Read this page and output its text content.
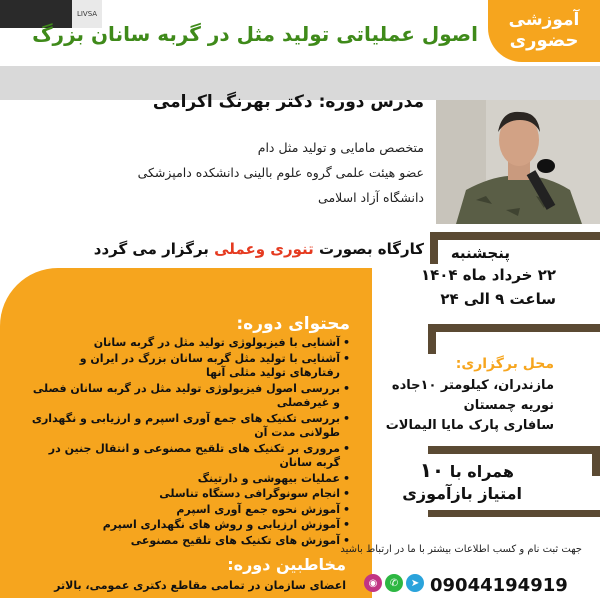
LIVSA	آموزشی
حضوری
اصول عملیاتی تولید مثل در گربه سانان بزرگ
مدرس دوره: دکتر بهرنگ اکرامی
متخصص مامایی و تولید مثل دام
عضو هیئت علمی گروه علوم بالینی دانشکده دامپزشکی
دانشگاه آزاد اسلامی
کارگاه بصورت تنوری وعملی برگزار می گردد
محتوای دوره:
• آشنایی با فیزیولوژی تولید مثل در گربه سانان
• آشنایی با تولید مثل گربه سانان بزرگ در ایران و رفتارهای تولید مثلی آنها
• بررسی اصول فیزیولوژی تولید مثل در گربه سانان فصلی و غیرفصلی
• بررسی تکنیک های جمع آوری اسپرم و ارزیابی و نگهداری طولانی مدت آن
• مروری بر تکنیک های تلقیح مصنوعی و انتقال جنین در گربه سانان
• عملیات بیهوشی و دارتینگ
• انجام سونوگرافی دستگاه تناسلی
• آموزش نحوه جمع آوری اسپرم
• آموزش ارزیابی و روش های نگهداری اسپرم
• آموزش های تکنیک های تلقیح مصنوعی
مخاطبین دوره:
اعضای سازمان در تمامی مقاطع دکتری عمومی، بالاتر
پنجشنبه
۲۲ خرداد ماه ۱۴۰۴
ساعت ۹ الی ۲۴
محل برگزاری:
مازندران، کیلومتر ۱۰جاده
نوریه چمستان
سافاری پارک مایا الیمالات
همراه با ۱۰
امتیاز بازآموزی
جهت ثبت نام و کسب اطلاعات بیشتر با ما در ارتباط باشید
09044194919
✆	➤
◉
